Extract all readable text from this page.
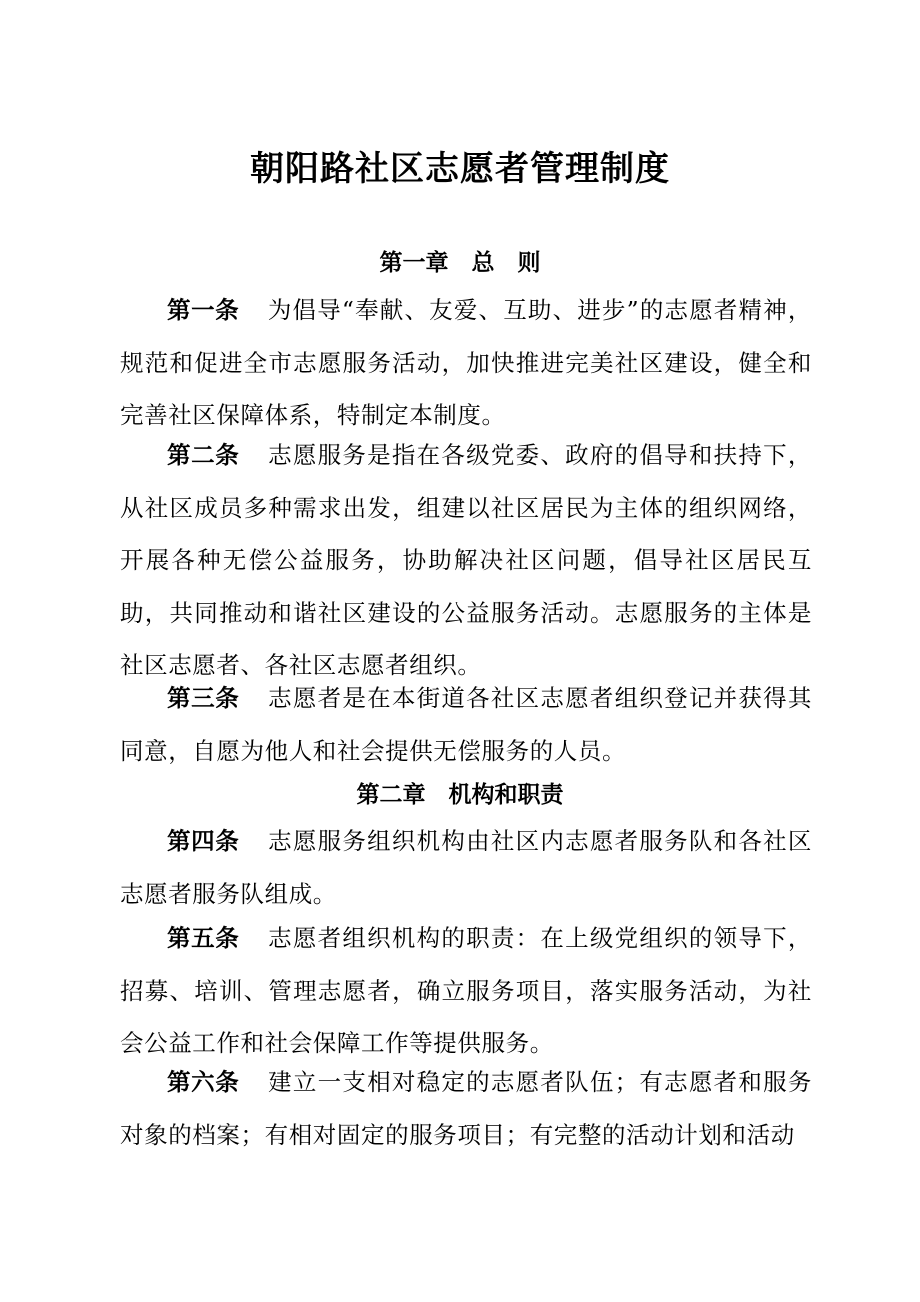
朝阳路社区志愿者管理制度
第一章　总　则

第一条 为倡导“奉献、友爱、互助、进步”的志愿者精神，规范和促进全市志愿服务活动，加快推进完美社区建设，健全和完善社区保障体系，特制定本制度。

第二条 志愿服务是指在各级党委、政府的倡导和扶持下，从社区成员多种需求出发，组建以社区居民为主体的组织网络，开展各种无偿公益服务，协助解决社区问题，倡导社区居民互助，共同推动和谐社区建设的公益服务活动。志愿服务的主体是社区志愿者、各社区志愿者组织。

第三条 志愿者是在本街道各社区志愿者组织登记并获得其同意，自愿为他人和社会提供无偿服务的人员。

第二章　机构和职责

第四条 志愿服务组织机构由社区内志愿者服务队和各社区志愿者服务队组成。

第五条 志愿者组织机构的职责：在上级党组织的领导下，招募、培训、管理志愿者，确立服务项目，落实服务活动，为社会公益工作和社会保障工作等提供服务。

第六条 建立一支相对稳定的志愿者队伍；有志愿者和服务对象的档案；有相对固定的服务项目；有完整的活动计划和活动
